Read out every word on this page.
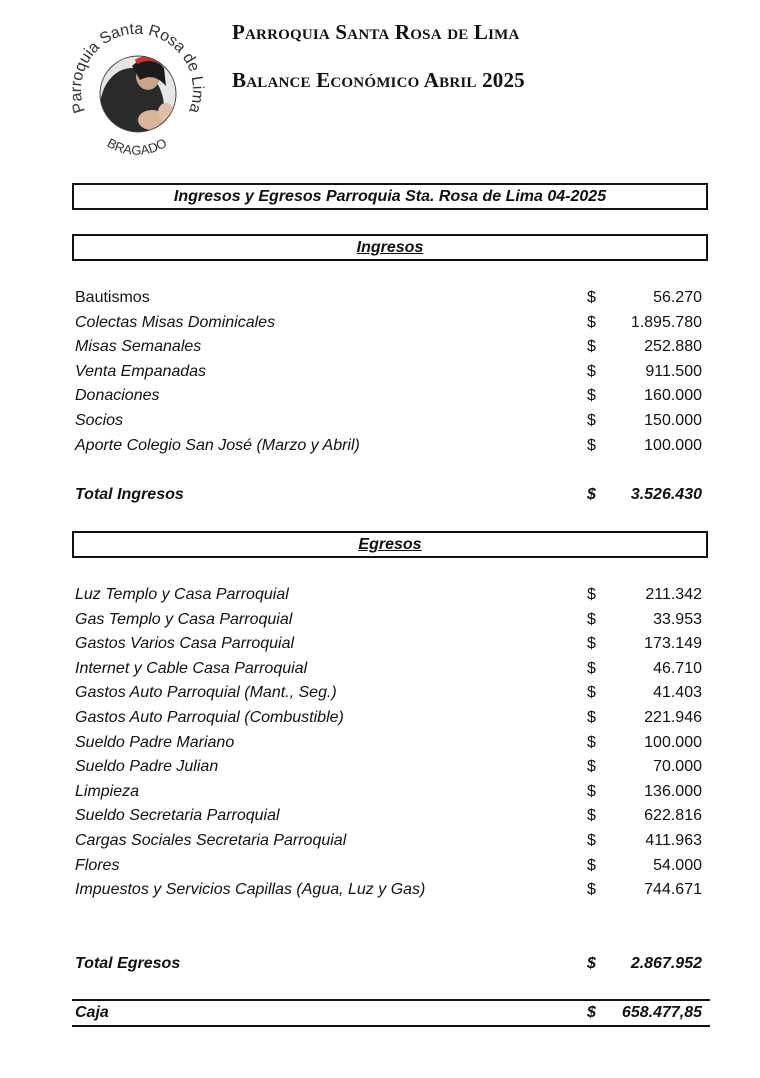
Parroquia Santa Rosa de Lima
BRAGADO
Parroquia Santa Rosa de Lima
Balance Económico Abril 2025
Ingresos y Egresos Parroquia Sta. Rosa de Lima 04-2025
Ingresos
Bautismos	$	56.270
Colectas Misas Dominicales	$ 1.895.780
Misas Semanales	$	252.880
Venta Empanadas	$	911.500
Donaciones	$	160.000
Socios	$	150.000
Aporte Colegio San José (Marzo y Abril)	$	100.000
Total Ingresos	$ 3.526.430
Egresos
Luz Templo y Casa Parroquial	$	211.342
Gas Templo y Casa Parroquial	$	33.953
Gastos Varios Casa Parroquial	$	173.149
Internet y Cable Casa Parroquial	$	46.710
Gastos Auto Parroquial (Mant., Seg.)	$	41.403
Gastos Auto Parroquial (Combustible)	$	221.946
Sueldo Padre Mariano	$	100.000
Sueldo Padre Julian	$	70.000
Limpieza	$	136.000
Sueldo Secretaria Parroquial	$	622.816
Cargas Sociales Secretaria Parroquial	$	411.963
Flores	$	54.000
Impuestos y Servicios Capillas (Agua, Luz y Gas)	$	744.671
Total Egresos	$ 2.867.952
Caja	$ 658.477,85
